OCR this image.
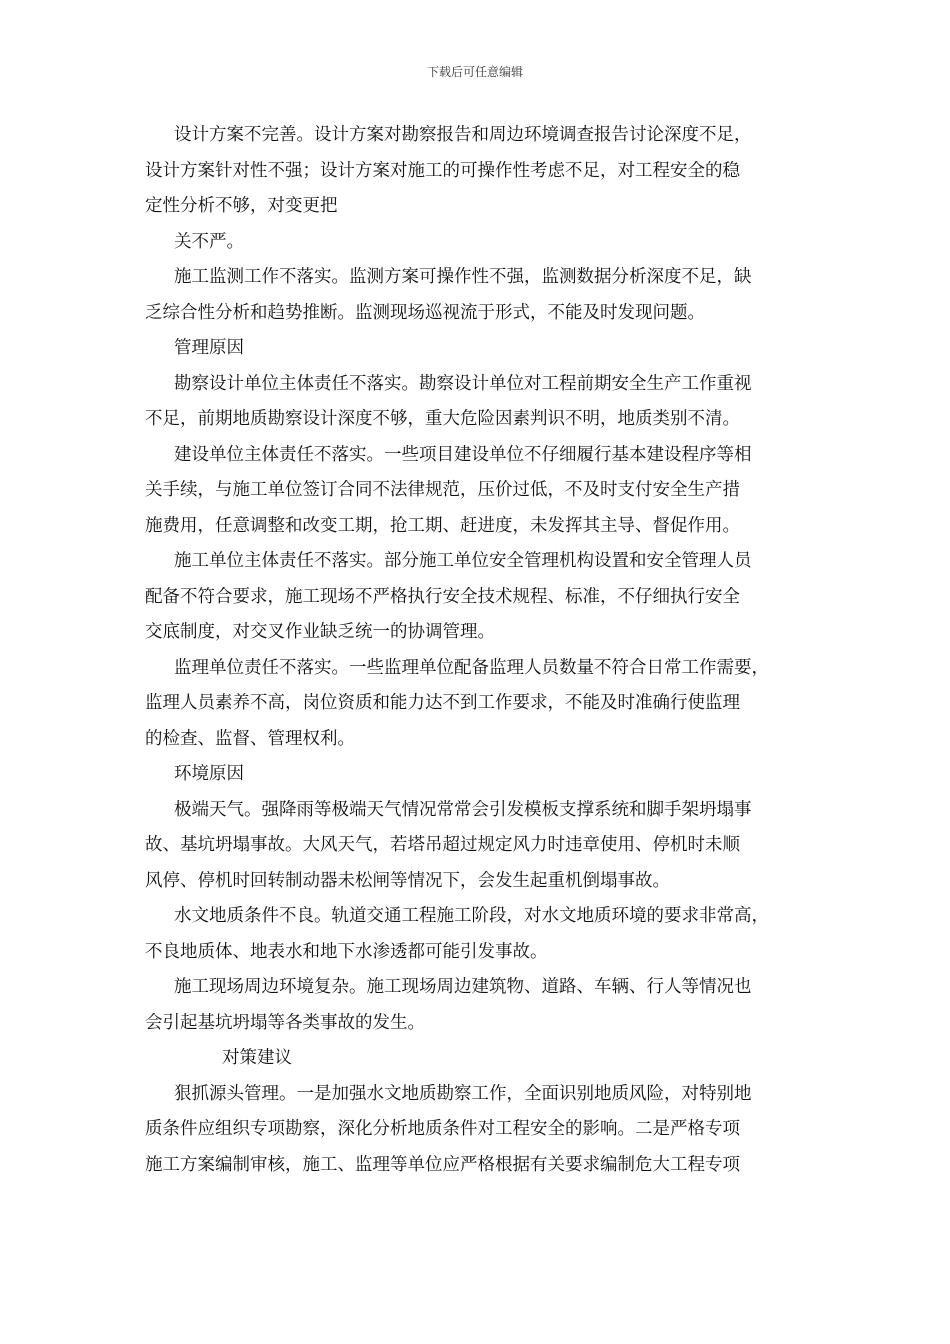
下载后可任意编辑

设计方案不完善。设计方案对勘察报告和周边环境调查报告讨论深度不足，
设计方案针对性不强；设计方案对施工的可操作性考虑不足，对工程安全的稳
定性分析不够，对变更把

关不严。

施工监测工作不落实。监测方案可操作性不强，监测数据分析深度不足，缺
乏综合性分析和趋势推断。监测现场巡视流于形式，不能及时发现问题。

管理原因

勘察设计单位主体责任不落实。勘察设计单位对工程前期安全生产工作重视
不足，前期地质勘察设计深度不够，重大危险因素判识不明，地质类别不清。

建设单位主体责任不落实。一些项目建设单位不仔细履行基本建设程序等相
关手续，与施工单位签订合同不法律规范，压价过低，不及时支付安全生产措
施费用，任意调整和改变工期，抢工期、赶进度，未发挥其主导、督促作用。

施工单位主体责任不落实。部分施工单位安全管理机构设置和安全管理人员
配备不符合要求，施工现场不严格执行安全技术规程、标准，不仔细执行安全
交底制度，对交叉作业缺乏统一的协调管理。

监理单位责任不落实。一些监理单位配备监理人员数量不符合日常工作需要，
监理人员素养不高，岗位资质和能力达不到工作要求，不能及时准确行使监理
的检查、监督、管理权利。

环境原因

极端天气。强降雨等极端天气情况常常会引发模板支撑系统和脚手架坍塌事
故、基坑坍塌事故。大风天气，若塔吊超过规定风力时违章使用、停机时未顺
风停、停机时回转制动器未松闸等情况下，会发生起重机倒塌事故。

水文地质条件不良。轨道交通工程施工阶段，对水文地质环境的要求非常高，
不良地质体、地表水和地下水渗透都可能引发事故。

施工现场周边环境复杂。施工现场周边建筑物、道路、车辆、行人等情况也
会引起基坑坍塌等各类事故的发生。

对策建议

狠抓源头管理。一是加强水文地质勘察工作，全面识别地质风险，对特别地
质条件应组织专项勘察，深化分析地质条件对工程安全的影响。二是严格专项
施工方案编制审核，施工、监理等单位应严格根据有关要求编制危大工程专项
